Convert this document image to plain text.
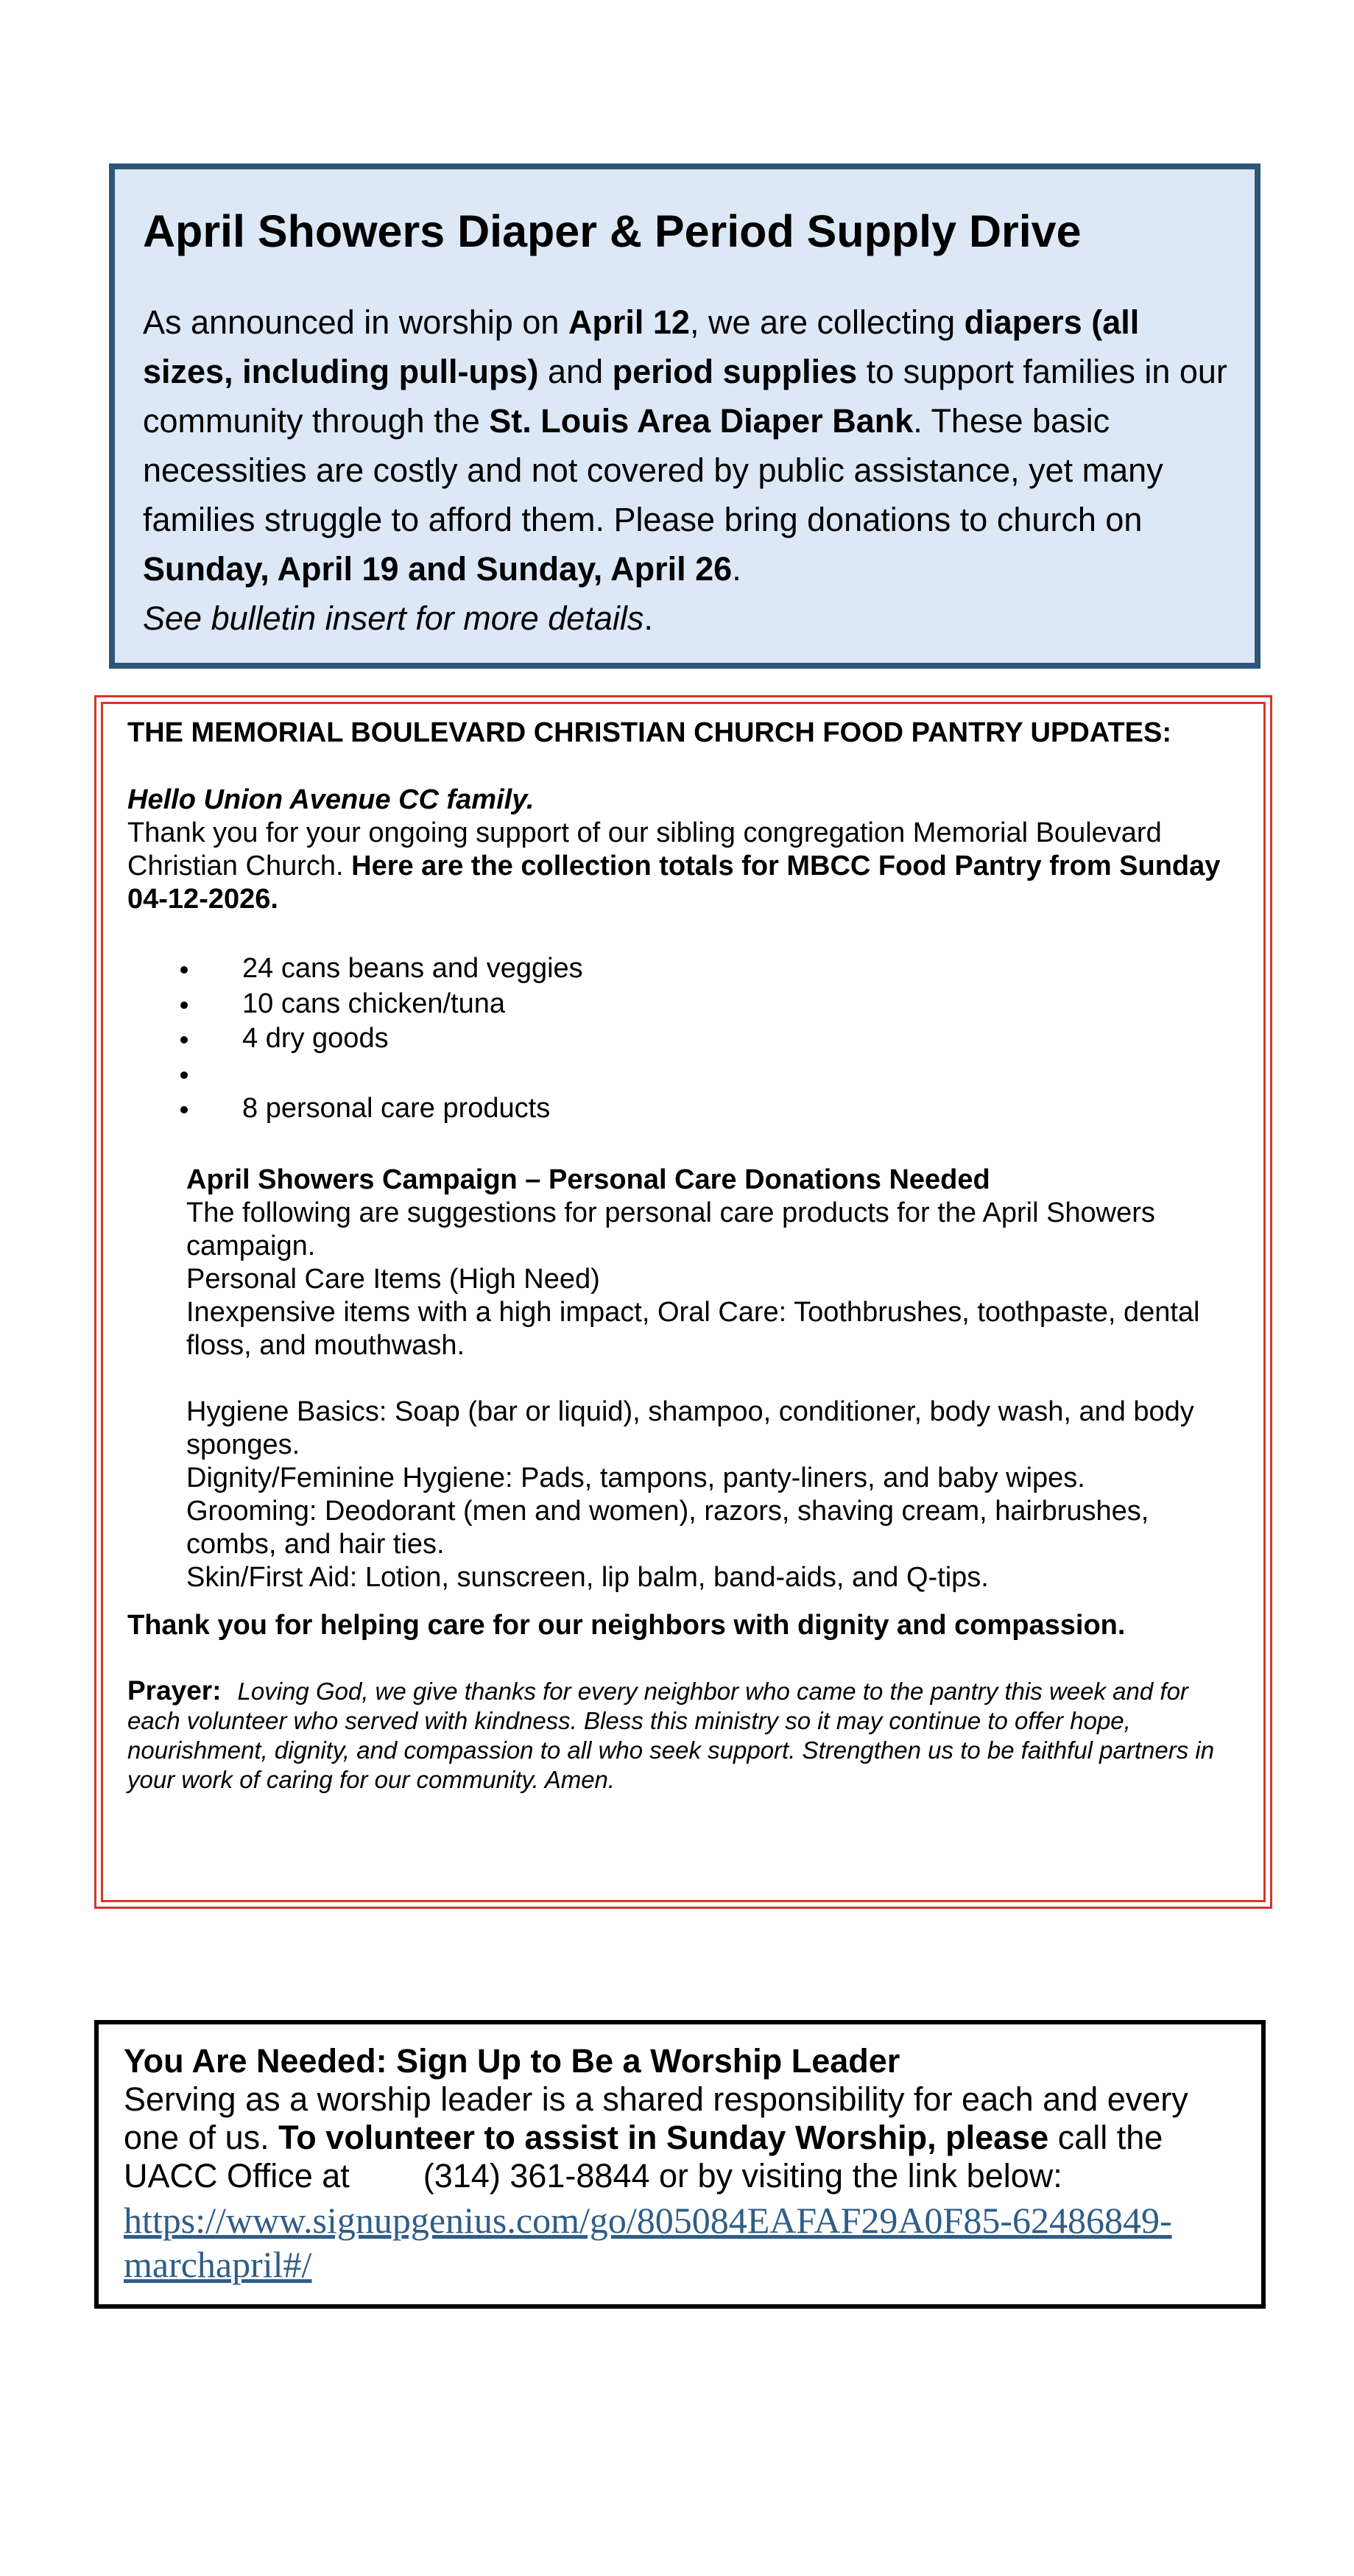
April Showers Diaper & Period Supply Drive
As announced in worship on April 12, we are collecting diapers (all sizes, including pull-ups) and period supplies to support families in our community through the St. Louis Area Diaper Bank. These basic necessities are costly and not covered by public assistance, yet many families struggle to afford them. Please bring donations to church on Sunday, April 19 and Sunday, April 26.
See bulletin insert for more details.
THE MEMORIAL BOULEVARD CHRISTIAN CHURCH FOOD PANTRY UPDATES:
Hello Union Avenue CC family.
Thank you for your ongoing support of our sibling congregation Memorial Boulevard Christian Church. Here are the collection totals for MBCC Food Pantry from Sunday 04-12-2026.
24 cans beans and veggies
10 cans chicken/tuna
4 dry goods
8 personal care products
April Showers Campaign – Personal Care Donations Needed
The following are suggestions for personal care products for the April Showers campaign.
Personal Care Items (High Need)
Inexpensive items with a high impact, Oral Care: Toothbrushes, toothpaste, dental floss, and mouthwash.
Hygiene Basics: Soap (bar or liquid), shampoo, conditioner, body wash, and body sponges.
Dignity/Feminine Hygiene: Pads, tampons, panty-liners, and baby wipes.
Grooming: Deodorant (men and women), razors, shaving cream, hairbrushes, combs, and hair ties.
Skin/First Aid: Lotion, sunscreen, lip balm, band-aids, and Q-tips.
Thank you for helping care for our neighbors with dignity and compassion.
Prayer: Loving God, we give thanks for every neighbor who came to the pantry this week and for each volunteer who served with kindness. Bless this ministry so it may continue to offer hope, nourishment, dignity, and compassion to all who seek support. Strengthen us to be faithful partners in your work of caring for our community. Amen.
You Are Needed: Sign Up to Be a Worship Leader
Serving as a worship leader is a shared responsibility for each and every one of us. To volunteer to assist in Sunday Worship, please call the UACC Office at (314) 361-8844 or by visiting the link below:
https://www.signupgenius.com/go/805084EAFAF29A0F85-62486849-marchapril#/
